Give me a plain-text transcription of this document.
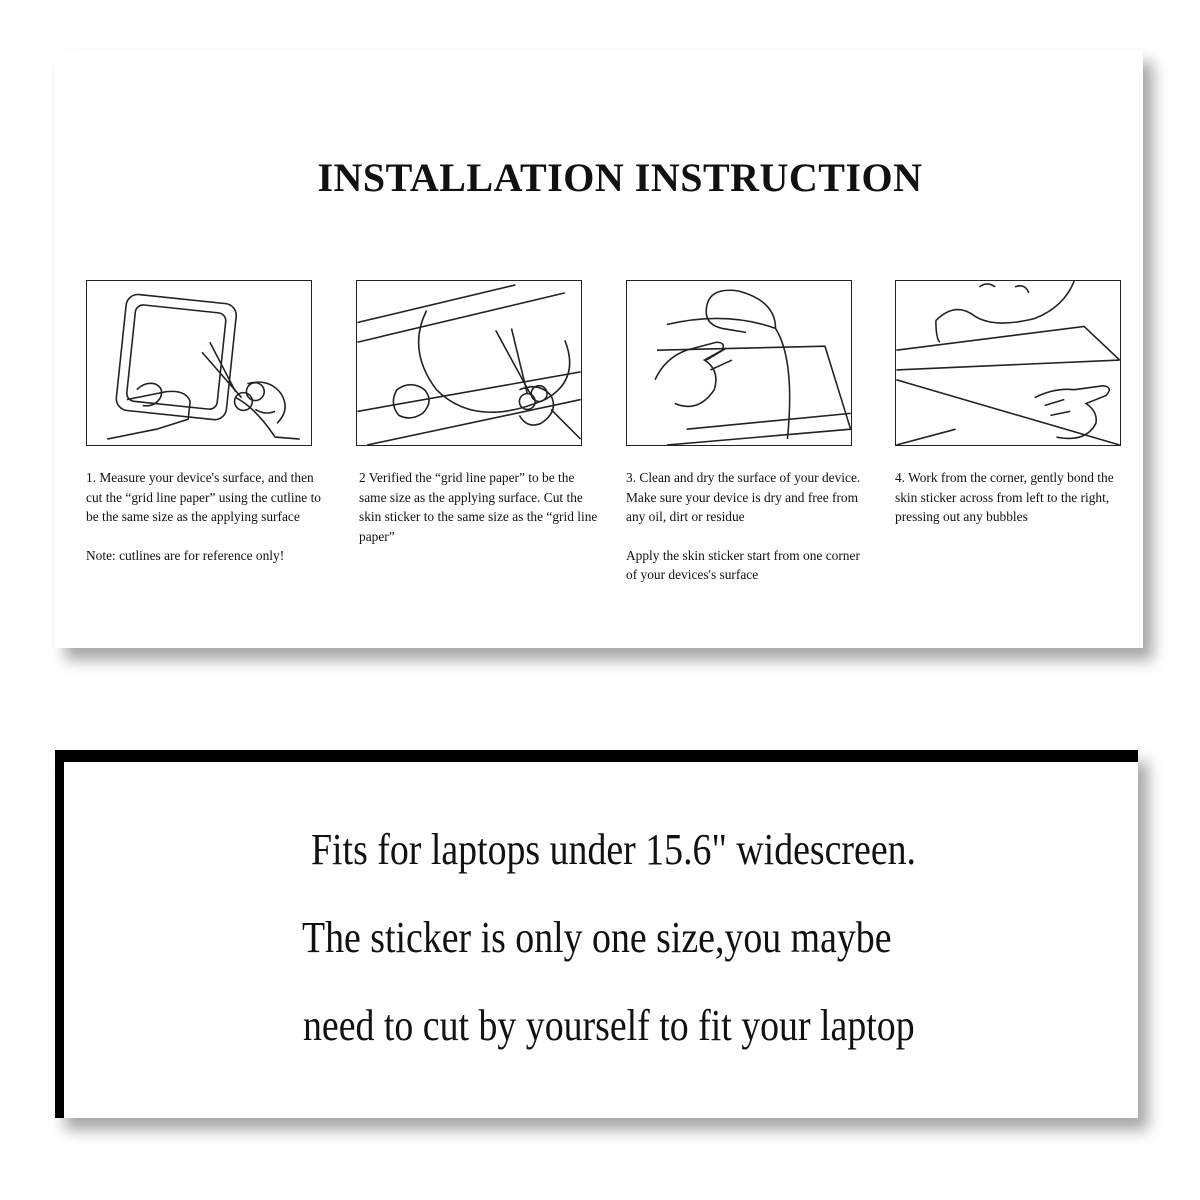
INSTALLATION INSTRUCTION

1. Measure your device's surface, and then cut the “grid line paper” using the cutline to be the same size as the applying surface

Note: cutlines are for reference only!

2 Verified the “grid line paper” to be the same size as the applying surface. Cut the skin sticker to the same size as the “grid line paper”

3. Clean and dry the surface of your device. Make sure your device is dry and free from any oil, dirt or residue

Apply the skin sticker start from one corner of your devices's surface

4. Work from the corner, gently bond the skin sticker across from left to the right, pressing out any bubbles

Fits for laptops under 15.6" widescreen.
The sticker is only one size,you maybe
need to cut by yourself to fit your laptop
